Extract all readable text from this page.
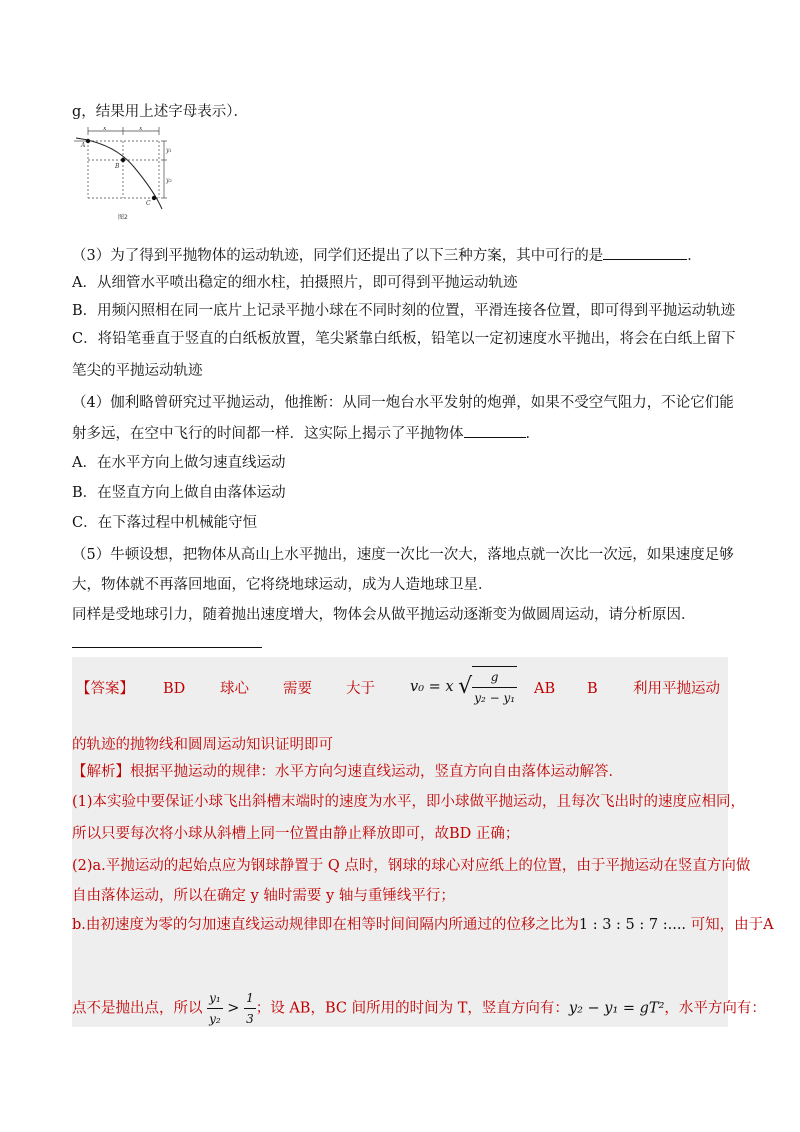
g，结果用上述字母表示）．
x	x
y₁
y₂
A
B
C
图2
（3）为了得到平抛物体的运动轨迹，同学们还提出了以下三种方案，其中可行的是	．
A．从细管水平喷出稳定的细水柱，拍摄照片，即可得到平抛运动轨迹
B．用频闪照相在同一底片上记录平抛小球在不同时刻的位置，平滑连接各位置，即可得到平抛运动轨迹
C．将铅笔垂直于竖直的白纸板放置，笔尖紧靠白纸板，铅笔以一定初速度水平抛出，将会在白纸上留下
笔尖的平抛运动轨迹
（4）伽利略曾研究过平抛运动，他推断：从同一炮台水平发射的炮弹，如果不受空气阻力，不论它们能
射多远，在空中飞行的时间都一样．这实际上揭示了平抛物体	．
A．在水平方向上做匀速直线运动
B．在竖直方向上做自由落体运动
C．在下落过程中机械能守恒
（5）牛顿设想，把物体从高山上水平抛出，速度一次比一次大，落地点就一次比一次远，如果速度足够
大，物体就不再落回地面，它将绕地球运动，成为人造地球卫星．
同样是受地球引力，随着抛出速度增大，物体会从做平抛运动逐渐变为做圆周运动，请分析原因．
【答案】 BD 球心 需要 大于 v₀ = x √ $\frac{g}{\text{y₂ − y₁}}$ AB B 利用平抛运动
的轨迹的抛物线和圆周运动知识证明即可
【解析】根据平抛运动的规律：水平方向匀速直线运动，竖直方向自由落体运动解答．
(1)本实验中要保证小球飞出斜槽末端时的速度为水平，即小球做平抛运动，且每次飞出时的速度应相同，
所以只要每次将小球从斜槽上同一位置由静止释放即可，故BD 正确；
(2)a.平抛运动的起始点应为钢球静置于 Q 点时，钢球的球心对应纸上的位置，由于平抛运动在竖直方向做
自由落体运动，所以在确定 y 轴时需要 y 轴与重锤线平行；
b.由初速度为零的匀加速直线运动规律即在相等时间间隔内所通过的位移之比为1 : 3 : 5 : 7 :.... 可知，由于A
点不是抛出点，所以 $\frac{\text{y₁}}{\text{y₂}} > \frac{1}{3}$ ；设 AB，BC 间所用的时间为 T，竖直方向有：y₂ − y₁ = gT²，水平方向有：
